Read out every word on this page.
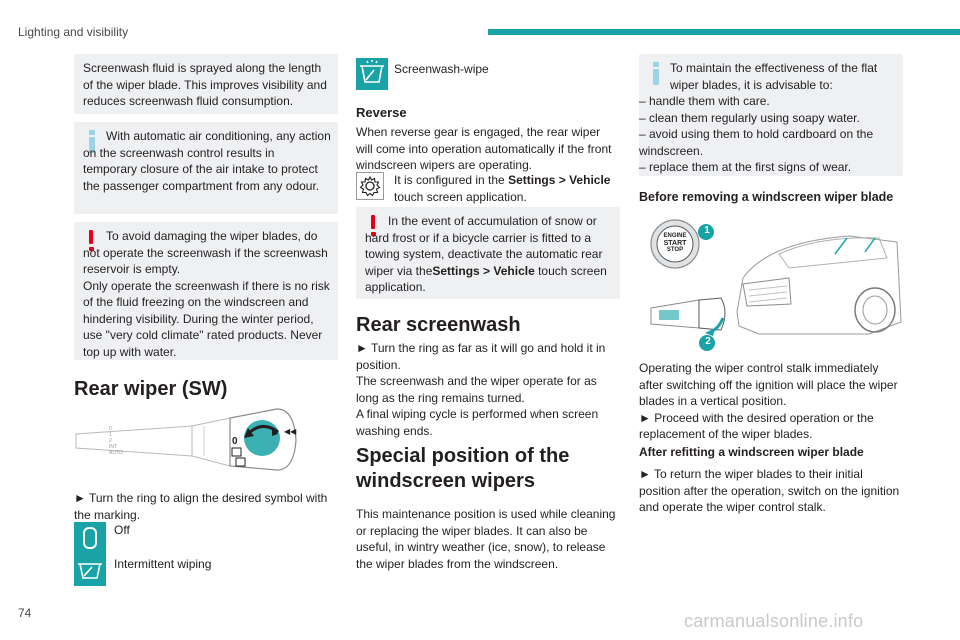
Lighting and visibility
74	carmanualsonline.info

Screenwash fluid is sprayed along the length of the wiper blade. This improves visibility and reduces screenwash fluid consumption.

With automatic air conditioning, any action on the screenwash control results in temporary closure of the air intake to protect the passenger compartment from any odour.

To avoid damaging the wiper blades, do not operate the screenwash if the screenwash reservoir is empty.

Only operate the screenwash if there is no risk of the fluid freezing on the windscreen and hindering visibility. During the winter period, use "very cold climate" rated products. Never top up with water.

Rear wiper (SW)
◀◀
0
0
1
2
INT
AUTO

► Turn the ring to align the desired symbol with the marking.

Off

Intermittent wiping

Screenwash-wipe

Reverse

When reverse gear is engaged, the rear wiper will come into operation automatically if the front windscreen wipers are operating.

It is configured in the Settings > Vehicle touch screen application.

In the event of accumulation of snow or hard frost or if a bicycle carrier is fitted to a towing system, deactivate the automatic rear wiper via theSettings > Vehicle touch screen application.

Rear screenwash

► Turn the ring as far as it will go and hold it in position.

The screenwash and the wiper operate for as long as the ring remains turned.

A final wiping cycle is performed when screen washing ends.

Special position of the windscreen wipers

This maintenance position is used while cleaning or replacing the wiper blades. It can also be useful, in wintry weather (ice, snow), to release the wiper blades from the windscreen.

To maintain the effectiveness of the flat wiper blades, it is advisable to:

– handle them with care.

– clean them regularly using soapy water.

– avoid using them to hold cardboard on the windscreen.

– replace them at the first signs of wear.

Before removing a windscreen wiper blade
ENGINE
START
STOP
1
2

Operating the wiper control stalk immediately after switching off the ignition will place the wiper blades in a vertical position.

► Proceed with the desired operation or the replacement of the wiper blades.

After refitting a windscreen wiper blade

► To return the wiper blades to their initial position after the operation, switch on the ignition and operate the wiper control stalk.
